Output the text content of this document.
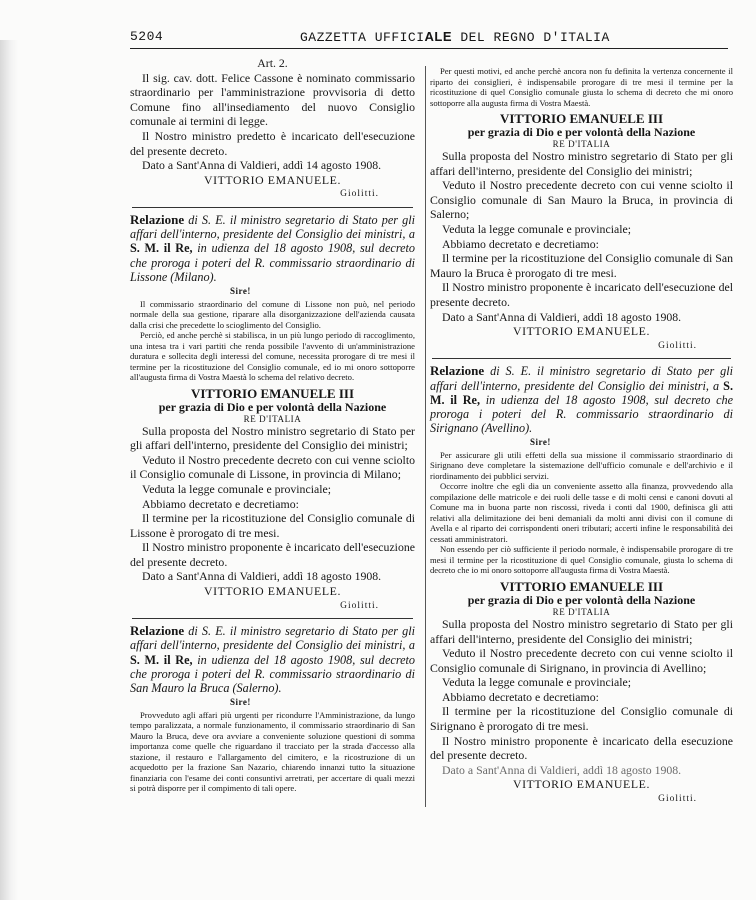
5204	GAZZETTA UFFICIALE DEL REGNO D'ITALIA

Art. 2.

Il sig. cav. dott. Felice Cassone è nominato commissario straordinario per l'amministrazione provvisoria di detto Comune fino all'insediamento del nuovo Consiglio comunale ai termini di legge.

Il Nostro ministro predetto è incaricato dell'esecuzione del presente decreto.

Dato a Sant'Anna di Valdieri, addì 14 agosto 1908.

VITTORIO EMANUELE.

Giolitti.

Relazione di S. E. il ministro segretario di Stato per gli affari dell'interno, presidente del Consiglio dei ministri, a S. M. il Re, in udienza del 18 agosto 1908, sul decreto che proroga i poteri del R. commissario straordinario di Lissone (Milano).

Sire!

Il commissario straordinario del comune di Lissone non può, nel periodo normale della sua gestione, riparare alla disorganizzazione dell'azienda causata dalla crisi che precedette lo scioglimento del Consiglio.

Perciò, ed anche perchè si stabilisca, in un più lungo periodo di raccoglimento, una intesa tra i vari partiti che renda possibile l'avvento di un'amministrazione duratura e sollecita degli interessi del comune, necessita prorogare di tre mesi il termine per la ricostituzione del Consiglio comunale, ed io mi onoro sottoporre all'augusta firma di Vostra Maestà lo schema del relativo decreto.

VITTORIO EMANUELE III

per grazia di Dio e per volontà della Nazione

RE D'ITALIA

Sulla proposta del Nostro ministro segretario di Stato per gli affari dell'interno, presidente del Consiglio dei ministri;

Veduto il Nostro precedente decreto con cui venne sciolto il Consiglio comunale di Lissone, in provincia di Milano;

Veduta la legge comunale e provinciale;

Abbiamo decretato e decretiamo:

Il termine per la ricostituzione del Consiglio comunale di Lissone è prorogato di tre mesi.

Il Nostro ministro proponente è incaricato dell'esecuzione del presente decreto.

Dato a Sant'Anna di Valdieri, addì 18 agosto 1908.

VITTORIO EMANUELE.

Giolitti.

Relazione di S. E. il ministro segretario di Stato per gli affari dell'interno, presidente del Consiglio dei ministri, a S. M. il Re, in udienza del 18 agosto 1908, sul decreto che proroga i poteri del R. commissario straordinario di San Mauro la Bruca (Salerno).

Sire!

Provveduto agli affari più urgenti per ricondurre l'Amministrazione, da lungo tempo paralizzata, a normale funzionamento, il commissario straordinario di San Mauro la Bruca, deve ora avviare a conveniente soluzione questioni di somma importanza come quelle che riguardano il tracciato per la strada d'accesso alla stazione, il restauro e l'allargamento del cimitero, e la ricostruzione di un acquedotto per la frazione San Nazario, chiarendo innanzi tutto la situazione finanziaria con l'esame dei conti consuntivi arretrati, per accertare di quali mezzi si potrà disporre per il compimento di tali opere.

Per questi motivi, ed anche perchè ancora non fu definita la vertenza concernente il riparto dei consiglieri, è indispensabile prorogare di tre mesi il termine per la ricostituzione di quel Consiglio comunale giusta lo schema di decreto che mi onoro sottoporre alla augusta firma di Vostra Maestà.

VITTORIO EMANUELE III

per grazia di Dio e per volontà della Nazione

RE D'ITALIA

Sulla proposta del Nostro ministro segretario di Stato per gli affari dell'interno, presidente del Consiglio dei ministri;

Veduto il Nostro precedente decreto con cui venne sciolto il Consiglio comunale di San Mauro la Bruca, in provincia di Salerno;

Veduta la legge comunale e provinciale;

Abbiamo decretato e decretiamo:

Il termine per la ricostituzione del Consiglio comunale di San Mauro la Bruca è prorogato di tre mesi.

Il Nostro ministro proponente è incaricato dell'esecuzione del presente decreto.

Dato a Sant'Anna di Valdieri, addì 18 agosto 1908.

VITTORIO EMANUELE.

Giolitti.

Relazione di S. E. il ministro segretario di Stato per gli affari dell'interno, presidente del Consiglio dei ministri, a S. M. il Re, in udienza del 18 agosto 1908, sul decreto che proroga i poteri del R. commissario straordinario di Sirignano (Avellino).

Sire!

Per assicurare gli utili effetti della sua missione il commissario straordinario di Sirignano deve completare la sistemazione dell'ufficio comunale e dell'archivio e il riordinamento dei pubblici servizi.

Occorre inoltre che egli dia un conveniente assetto alla finanza, provvedendo alla compilazione delle matricole e dei ruoli delle tasse e di molti censi e canoni dovuti al Comune ma in buona parte non riscossi, riveda i conti dal 1900, definisca gli atti relativi alla delimitazione dei beni demaniali da molti anni divisi con il comune di Avella e al riparto dei corrispondenti oneri tributari; accerti infine le responsabilità dei cessati amministratori.

Non essendo per ciò sufficiente il periodo normale, è indispensabile prorogare di tre mesi il termine per la ricostituzione di quel Consiglio comunale, giusta lo schema di decreto che io mi onoro sottoporre all'augusta firma di Vostra Maestà.

VITTORIO EMANUELE III

per grazia di Dio e per volontà della Nazione

RE D'ITALIA

Sulla proposta del Nostro ministro segretario di Stato per gli affari dell'interno, presidente del Consiglio dei ministri;

Veduto il Nostro precedente decreto con cui venne sciolto il Consiglio comunale di Sirignano, in provincia di Avellino;

Veduta la legge comunale e provinciale;

Abbiamo decretato e decretiamo:

Il termine per la ricostituzione del Consiglio comunale di Sirignano è prorogato di tre mesi.

Il Nostro ministro proponente è incaricato della esecuzione del presente decreto.

Dato a Sant'Anna di Valdieri, addì 18 agosto 1908.

VITTORIO EMANUELE.

Giolitti.
